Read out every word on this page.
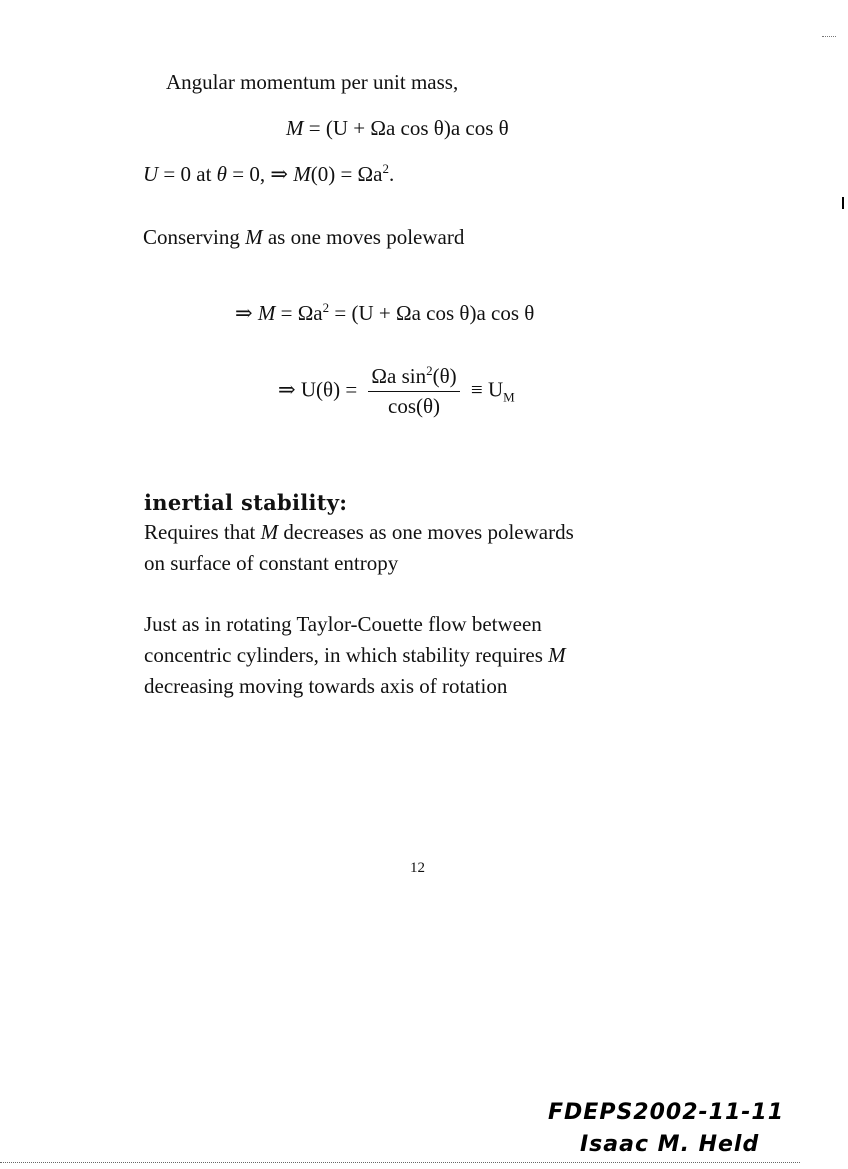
Angular momentum per unit mass,
M = (U + Ωa cos θ)a cos θ
U = 0 at θ = 0, ⇒ $M(0) = \Omega a^2$.
Conserving M as one moves poleward
⇒ $M = \Omega a^2 = (U + \Omega a$ cos θ)a cos θ
⇒ $U(\theta) = \frac{\Omega a \sin^2(\theta)}{\cos(\theta)} \equiv U_M$
inertial stability:
Requires that M decreases as one moves polewards
on surface of constant entropy
Just as in rotating Taylor-Couette flow between
concentric cylinders, in which stability requires M
decreasing moving towards axis of rotation
12
FDEPS2002-11-11
Isaac M. Held
